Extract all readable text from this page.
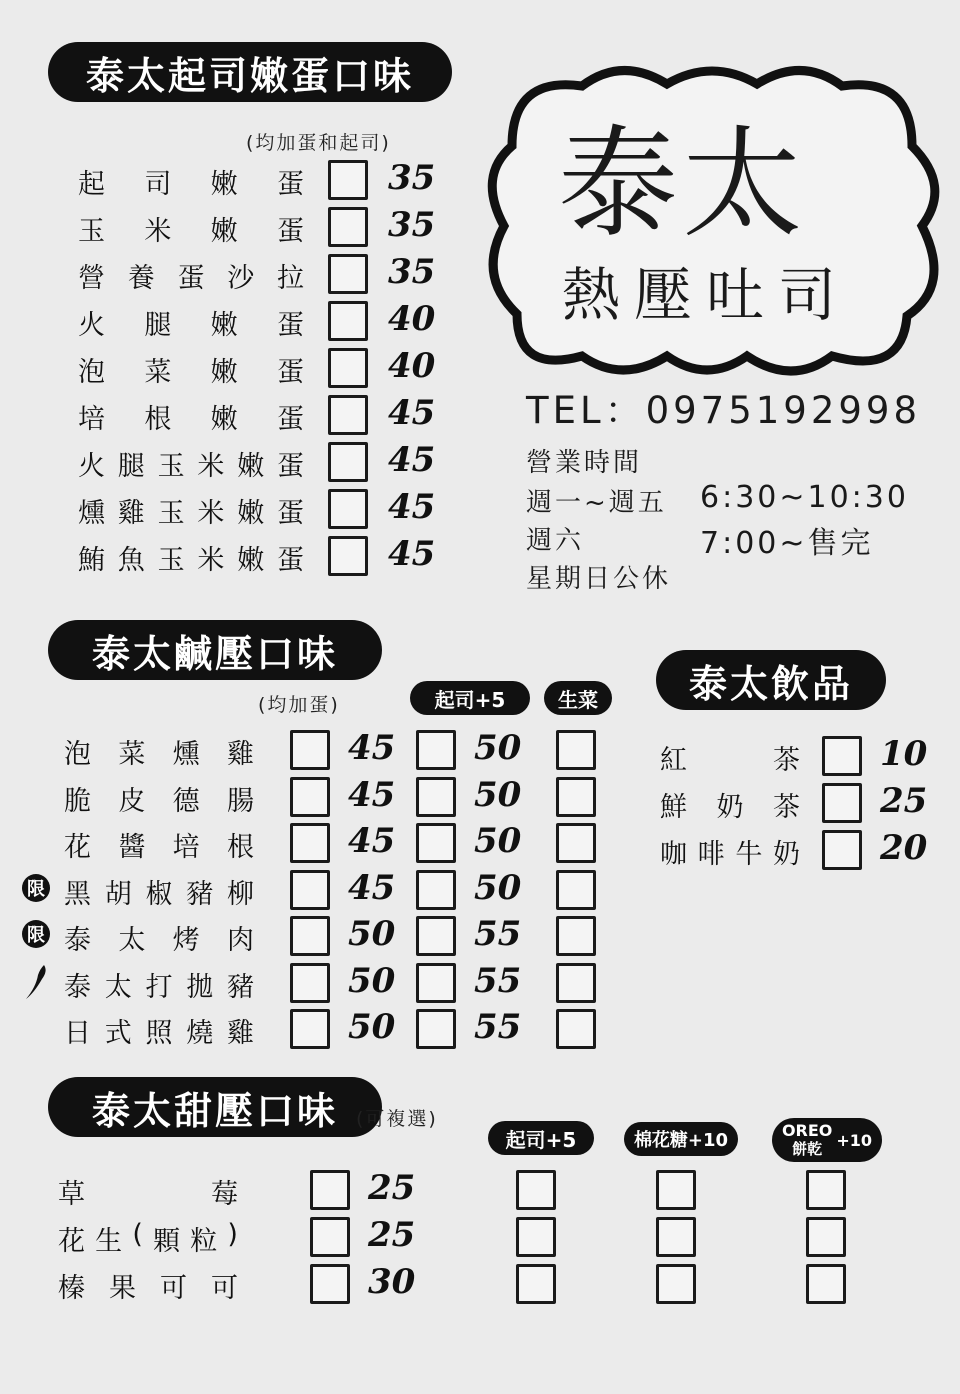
泰太起司嫩蛋口味
(均加蛋和起司)
起 司 嫩 蛋 35
玉 米 嫩 蛋 35
營 養 蛋 沙 拉 35
火 腿 嫩 蛋 40
泡 菜 嫩 蛋 40
培 根 嫩 蛋 45
火 腿 玉 米 嫩 蛋 45
燻 雞 玉 米 嫩 蛋 45
鮪 魚 玉 米 嫩 蛋 45
泰太
熱壓吐司
TEL：0975192998
營業時間
週一~週五 6:30~10:30
週六	7:00~售完
星期日公休
泰太鹹壓口味
(均加蛋)	起司+5	生菜
泡 菜 燻 雞	45 50
脆 皮 德 腸	45 50
花 醬 培 根	45 50
限 黑 胡 椒 豬 柳	45 50
限 泰 太 烤 肉	50 55
泰 太 打 拋 豬	50 55
日 式 照 燒 雞	50 55
泰太飲品
紅	茶 10
鮮 奶 茶 25
咖 啡 牛 奶 20
泰太甜壓口味 (可複選)
起司+5	棉花糖+10	OREO
餅乾 +10
草	莓	25
花 生 ( 顆 粒 )	25
榛 果 可 可	30
